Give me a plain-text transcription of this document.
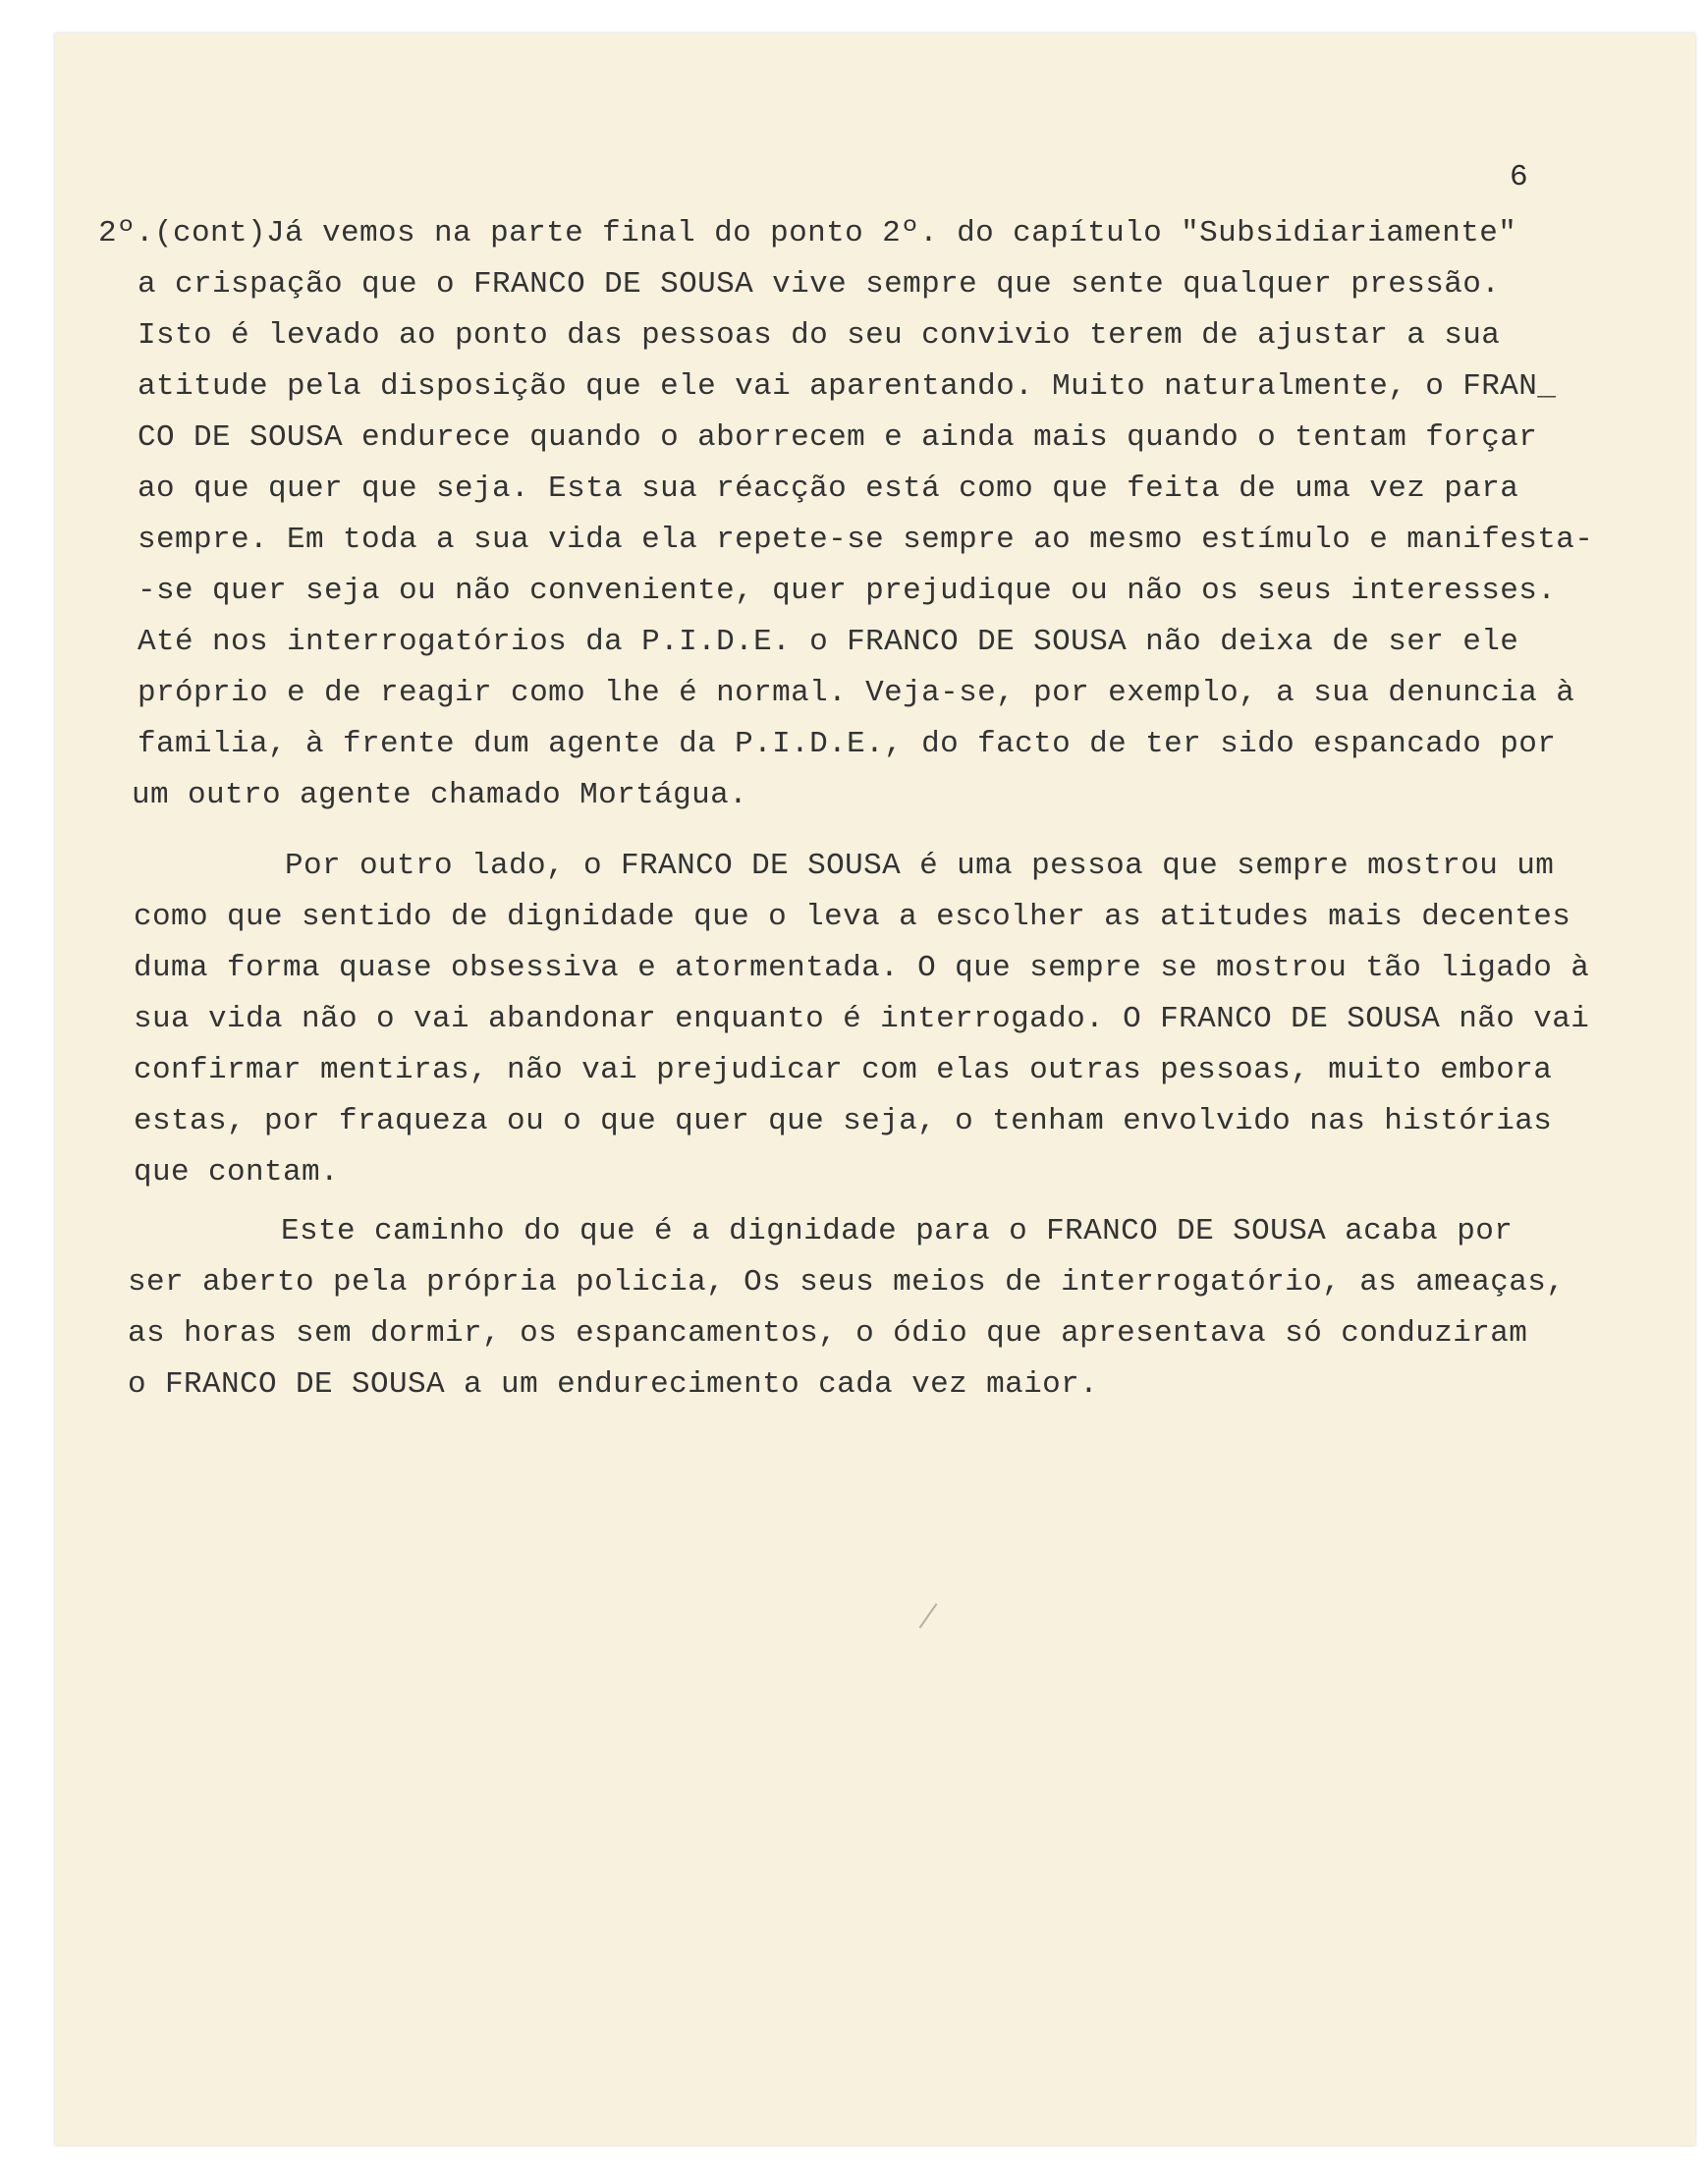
6

2º.(cont)Já vemos na parte final do ponto 2º. do capítulo "Subsidiariamente"

a crispação que o FRANCO DE SOUSA vive sempre que sente qualquer pressão.

Isto é levado ao ponto das pessoas do seu convivio terem de ajustar a sua

atitude pela disposição que ele vai aparentando. Muito naturalmente, o FRAN_

CO DE SOUSA endurece quando o aborrecem e ainda mais quando o tentam forçar

ao que quer que seja. Esta sua réacção está como que feita de uma vez para

sempre. Em toda a sua vida ela repete-se sempre ao mesmo estímulo e manifesta-

-se quer seja ou não conveniente, quer prejudique ou não os seus interesses.

Até nos interrogatórios da P.I.D.E. o FRANCO DE SOUSA não deixa de ser ele

próprio e de reagir como lhe é normal. Veja-se, por exemplo, a sua denuncia à

familia, à frente dum agente da P.I.D.E., do facto de ter sido espancado por

um outro agente chamado Mortágua.

Por outro lado, o FRANCO DE SOUSA é uma pessoa que sempre mostrou um

como que sentido de dignidade que o leva a escolher as atitudes mais decentes

duma forma quase obsessiva e atormentada. O que sempre se mostrou tão ligado à

sua vida não o vai abandonar enquanto é interrogado. O FRANCO DE SOUSA não vai

confirmar mentiras, não vai prejudicar com elas outras pessoas, muito embora

estas, por fraqueza ou o que quer que seja, o tenham envolvido nas histórias

que contam.

Este caminho do que é a dignidade para o FRANCO DE SOUSA acaba por

ser aberto pela própria policia, Os seus meios de interrogatório, as ameaças,

as horas sem dormir, os espancamentos, o ódio que apresentava só conduziram

o FRANCO DE SOUSA a um endurecimento cada vez maior.
